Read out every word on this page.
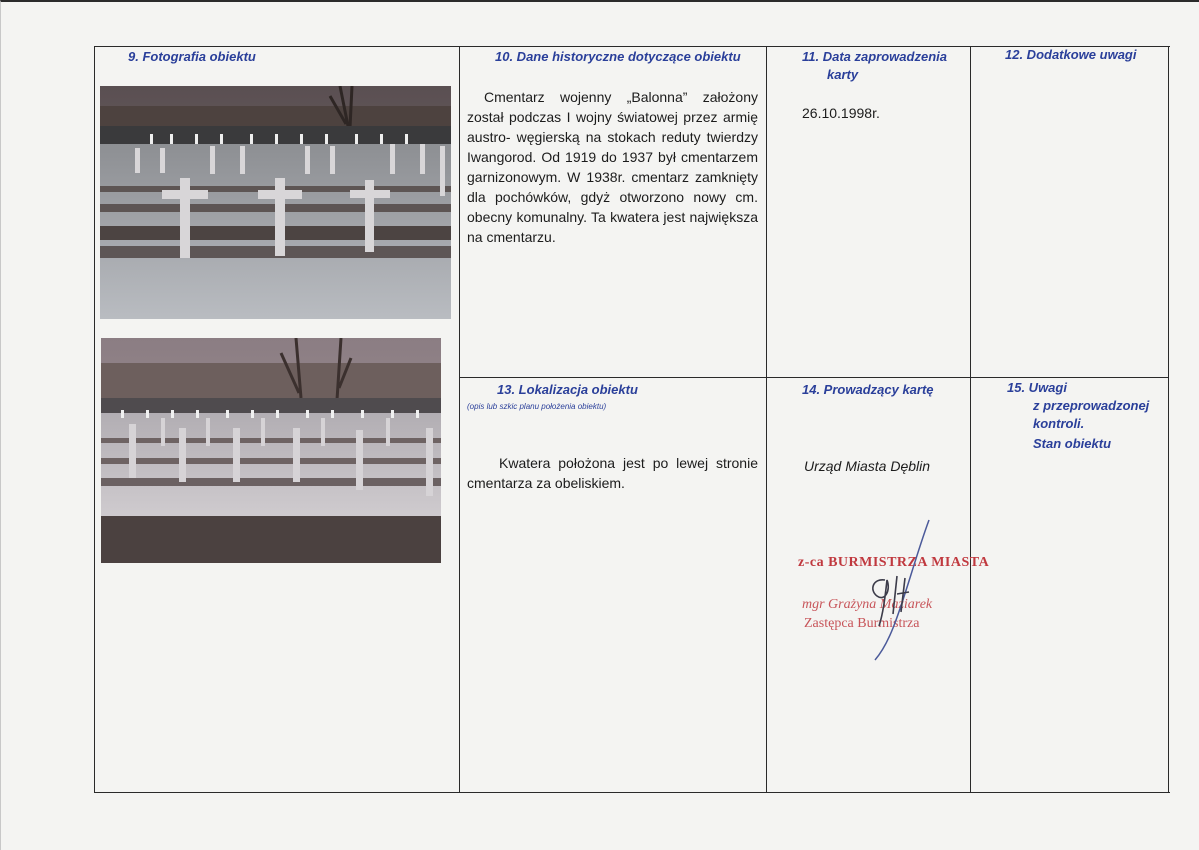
9. Fotografia obiektu	10. Dane historyczne dotyczące obiektu
Cmentarz wojenny „Balonna” założony został podczas I wojny światowej przez armię austro- węgierską na stokach reduty twierdzy Iwangorod. Od 1919 do 1937 był cmentarzem garnizonowym. W 1938r. cmentarz zamknięty dla pochówków, gdyż otworzono nowy cm. obecny komunalny. Ta kwatera jest największa na cmentarzu.
11. Data zaprowadzenia
karty
26.10.1998r.
12. Dodatkowe uwagi
13. Lokalizacja obiektu
(opis lub szkic planu położenia obiektu)
Kwatera położona jest po lewej stronie cmentarza za obeliskiem.
14. Prowadzący kartę
Urząd Miasta Dęblin
15. Uwagi
z przeprowadzonej
kontroli.
Stan obiektu
z-ca BURMISTRZA MIASTA
mgr Grażyna Maziarek
Zastępca Burmistrza
